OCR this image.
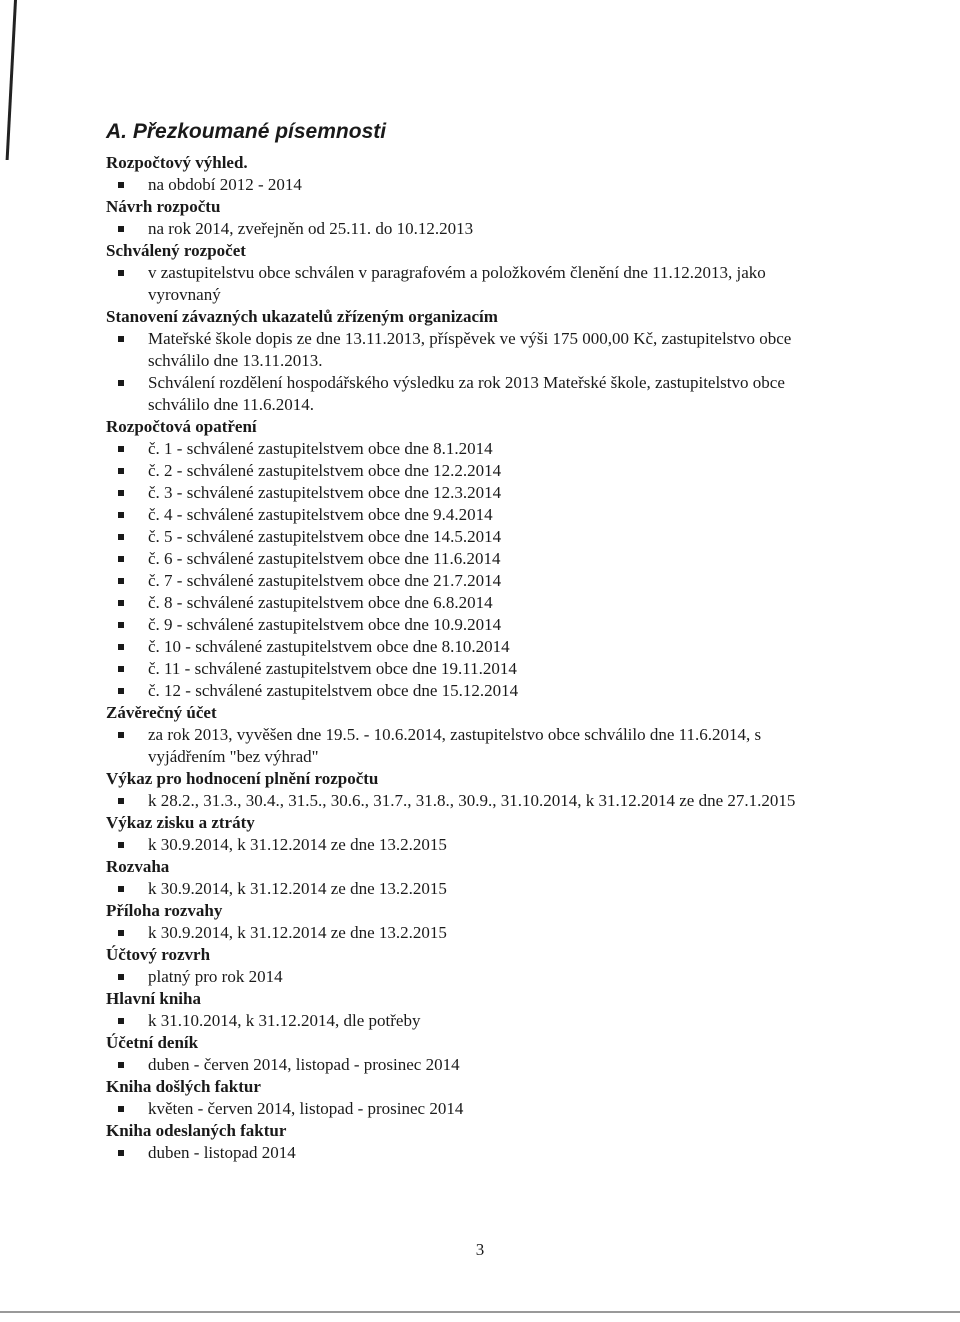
A. Přezkoumané písemnosti
Rozpočtový výhled.
na období 2012 - 2014
Návrh rozpočtu
na rok 2014, zveřejněn od 25.11. do 10.12.2013
Schválený rozpočet
v zastupitelstvu obce schválen v paragrafovém a položkovém členění dne 11.12.2013, jako vyrovnaný
Stanovení závazných ukazatelů zřízeným organizacím
Mateřské škole dopis ze dne 13.11.2013, příspěvek ve výši 175 000,00 Kč, zastupitelstvo obce schválilo dne 13.11.2013.
Schválení rozdělení hospodářského výsledku za rok 2013 Mateřské škole, zastupitelstvo obce schválilo dne 11.6.2014.
Rozpočtová opatření
č. 1 - schválené zastupitelstvem obce dne 8.1.2014
č. 2 - schválené zastupitelstvem obce dne 12.2.2014
č. 3 - schválené zastupitelstvem obce dne 12.3.2014
č. 4 - schválené zastupitelstvem obce dne 9.4.2014
č. 5 - schválené zastupitelstvem obce dne 14.5.2014
č. 6 - schválené zastupitelstvem obce dne 11.6.2014
č. 7 - schválené zastupitelstvem obce dne 21.7.2014
č. 8 - schválené zastupitelstvem obce dne 6.8.2014
č. 9 - schválené zastupitelstvem obce dne 10.9.2014
č. 10 - schválené zastupitelstvem obce dne 8.10.2014
č. 11 - schválené zastupitelstvem obce dne 19.11.2014
č. 12 - schválené zastupitelstvem obce dne 15.12.2014
Závěrečný účet
za rok 2013, vyvěšen dne 19.5. - 10.6.2014, zastupitelstvo obce schválilo dne 11.6.2014, s vyjádřením "bez výhrad"
Výkaz pro hodnocení plnění rozpočtu
k 28.2., 31.3., 30.4., 31.5., 30.6., 31.7., 31.8., 30.9., 31.10.2014, k 31.12.2014 ze dne 27.1.2015
Výkaz zisku a ztráty
k 30.9.2014, k 31.12.2014 ze dne 13.2.2015
Rozvaha
k 30.9.2014, k 31.12.2014 ze dne 13.2.2015
Příloha rozvahy
k 30.9.2014, k 31.12.2014 ze dne 13.2.2015
Účtový rozvrh
platný pro rok 2014
Hlavní kniha
k 31.10.2014, k 31.12.2014, dle potřeby
Účetní deník
duben - červen 2014, listopad - prosinec 2014
Kniha došlých faktur
květen - červen 2014, listopad - prosinec 2014
Kniha odeslaných faktur
duben - listopad 2014
3
